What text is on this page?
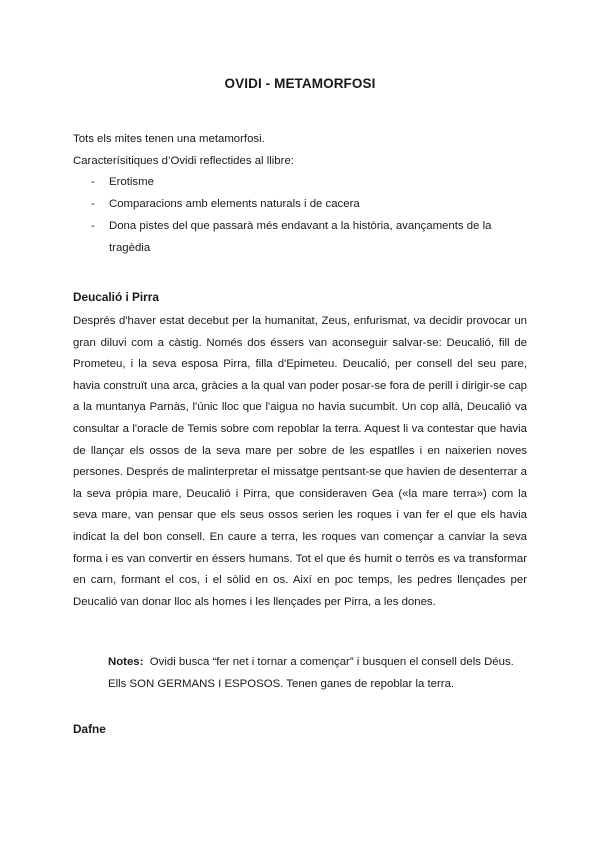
OVIDI - METAMORFOSI

Tots els mites tenen una metamorfosi.

Caracterísitiques d’Ovidi reflectides al llibre:

- Erotisme
- Comparacions amb elements naturals i de cacera
- Dona pistes del que passarà més endavant a la història, avançaments de la tragèdia
Deucalió i Pirra

Després d'haver estat decebut per la humanitat, Zeus, enfurismat, va decidir provocar un gran diluvi com a càstig. Només dos éssers van aconseguir salvar-se: Deucalió, fill de Prometeu, i la seva esposa Pirra, filla d'Epimeteu. Deucalió, per consell del seu pare, havia construït una arca, gràcies a la qual van poder posar-se fora de perill i dirigir-se cap a la muntanya Parnàs, l'únic lloc que l'aigua no havia sucumbit. Un cop allà, Deucalió va consultar a l'oracle de Temis sobre com repoblar la terra. Aquest li va contestar que havia de llançar els ossos de la seva mare per sobre de les espatlles i en naixerien noves persones. Després de malinterpretar el missatge pentsant-se que havien de desenterrar a la seva pròpia mare, Deucalió i Pirra, que consideraven Gea («la mare terra») com la seva mare, van pensar que els seus ossos serien les roques i van fer el que els havia indicat la del bon consell. En caure a terra, les roques van començar a canviar la seva forma i es van convertir en éssers humans. Tot el que és humit o terròs es va transformar en carn, formant el cos, i el sòlid en os. Així en poc temps, les pedres llençades per Deucalió van donar lloc als homes i les llençades per Pirra, a les dones.

Notes: Ovidi busca “fer net i tornar a començar” i busquen el consell dels Déus. Ells SON GERMANS I ESPOSOS. Tenen ganes de repoblar la terra.

Dafne
